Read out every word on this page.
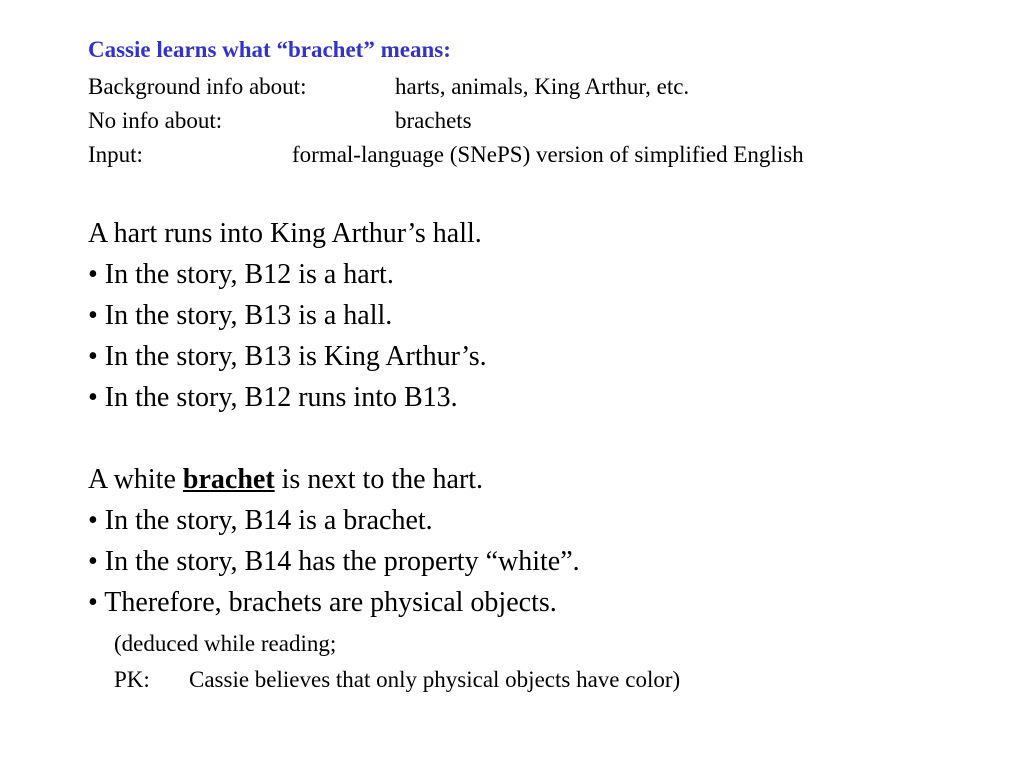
Cassie learns what “brachet” means:
Background info about:	harts, animals, King Arthur, etc.
No info about:	brachets
Input:	formal-language (SNePS) version of simplified English
A hart runs into King Arthur’s hall.
• In the story, B12 is a hart.
• In the story, B13 is a hall.
• In the story, B13 is King Arthur’s.
• In the story, B12 runs into B13.
A white brachet is next to the hart.
• In the story, B14 is a brachet.
• In the story, B14 has the property “white”.
• Therefore, brachets are physical objects.
(deduced while reading;
PK: Cassie believes that only physical objects have color)
